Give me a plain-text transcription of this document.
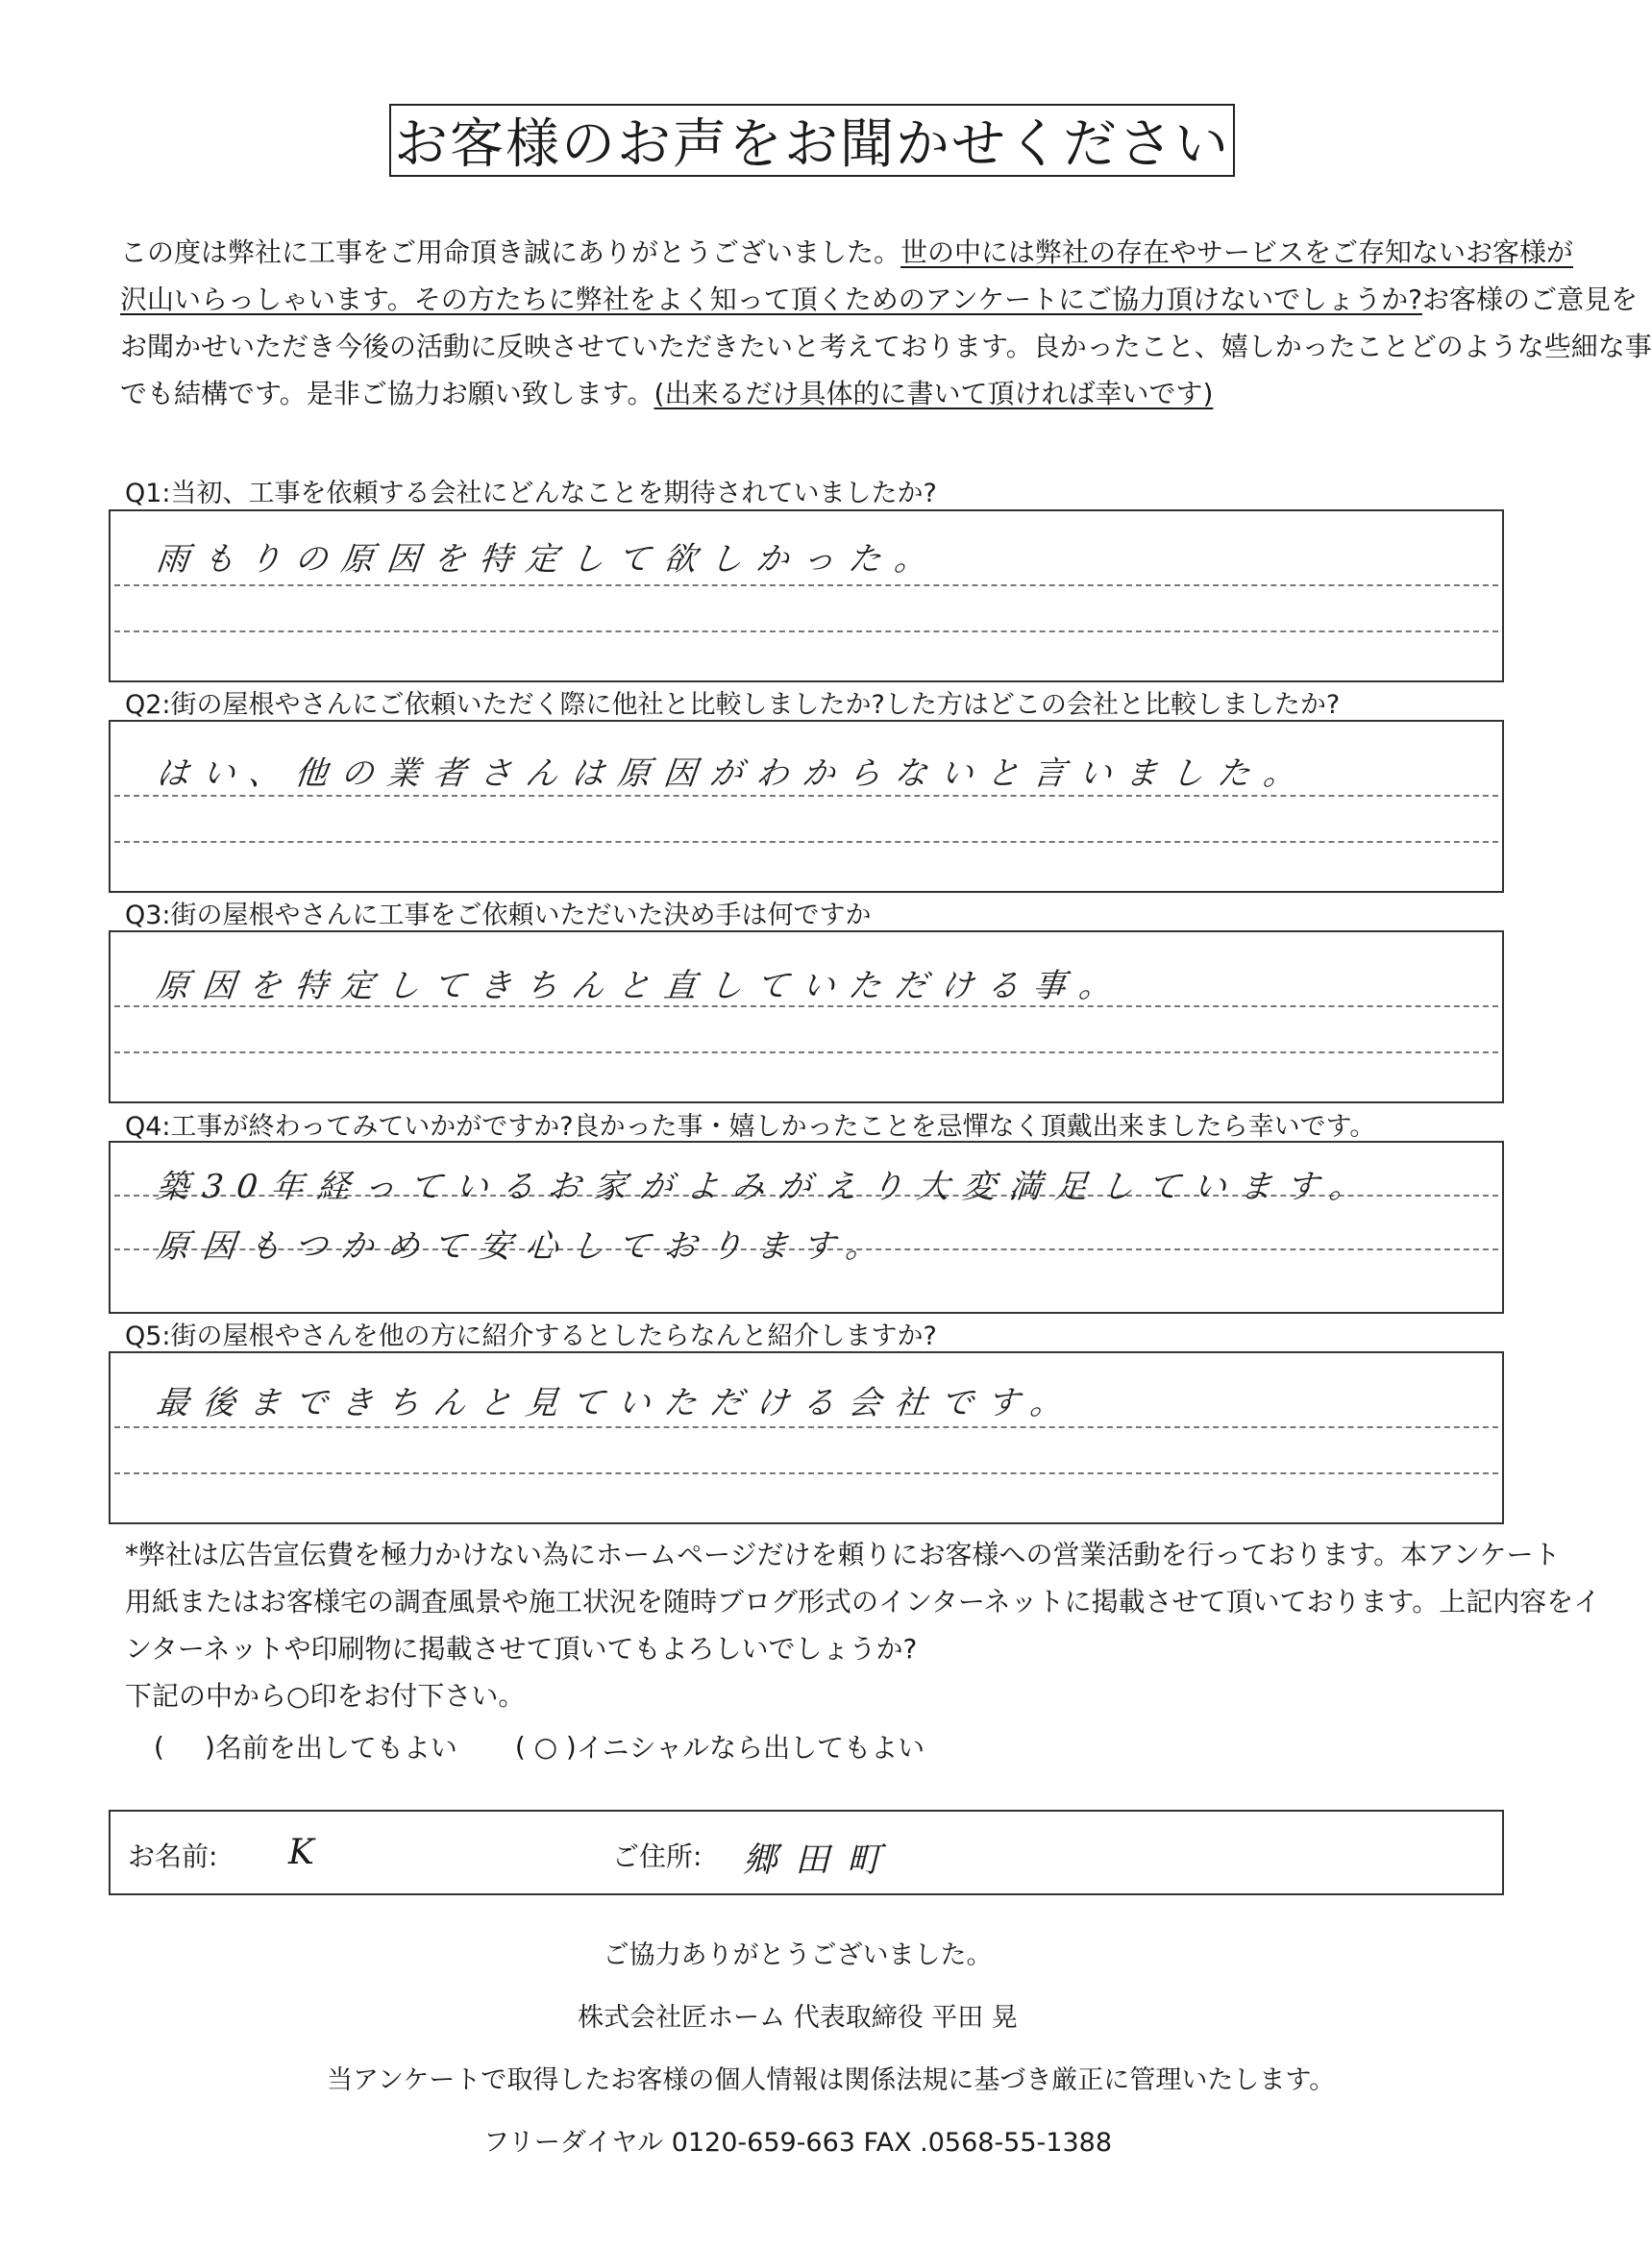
お客様のお声をお聞かせください

この度は弊社に工事をご用命頂き誠にありがとうございました。世の中には弊社の存在やサービスをご存知ないお客様が

沢山いらっしゃいます。その方たちに弊社をよく知って頂くためのアンケートにご協力頂けないでしょうか?お客様のご意見を

お聞かせいただき今後の活動に反映させていただきたいと考えております。良かったこと、嬉しかったことどのような些細な事

でも結構です。是非ご協力お願い致します。(出来るだけ具体的に書いて頂ければ幸いです)

Q1:当初、工事を依頼する会社にどんなことを期待されていましたか?
雨もりの原因を特定して欲しかった。
Q2:街の屋根やさんにご依頼いただく際に他社と比較しましたか?した方はどこの会社と比較しましたか?
はい、他の業者さんは原因がわからないと言いました。
Q3:街の屋根やさんに工事をご依頼いただいた決め手は何ですか
原因を特定してきちんと直していただける事。
Q4:工事が終わってみていかがですか?良かった事・嬉しかったことを忌憚なく頂戴出来ましたら幸いです。
築30年経っているお家がよみがえり大変満足しています。
原因もつかめて安心しております。
Q5:街の屋根やさんを他の方に紹介するとしたらなんと紹介しますか?
最後まできちんと見ていただける会社です。

*弊社は広告宣伝費を極力かけない為にホームページだけを頼りにお客様への営業活動を行っております。本アンケート

用紙またはお客様宅の調査風景や施工状況を随時ブログ形式のインターネットに掲載させて頂いております。上記内容をイ

ンターネットや印刷物に掲載させて頂いてもよろしいでしょうか?

下記の中から○印をお付下さい。

( ) 名前を出してもよい ( ○ ) イニシャルなら出してもよい
お名前: K	ご住所: 郷田町

ご協力ありがとうございました。

株式会社匠ホーム 代表取締役 平田 晃

当アンケートで取得したお客様の個人情報は関係法規に基づき厳正に管理いたします。

フリーダイヤル 0120-659-663 FAX .0568-55-1388
